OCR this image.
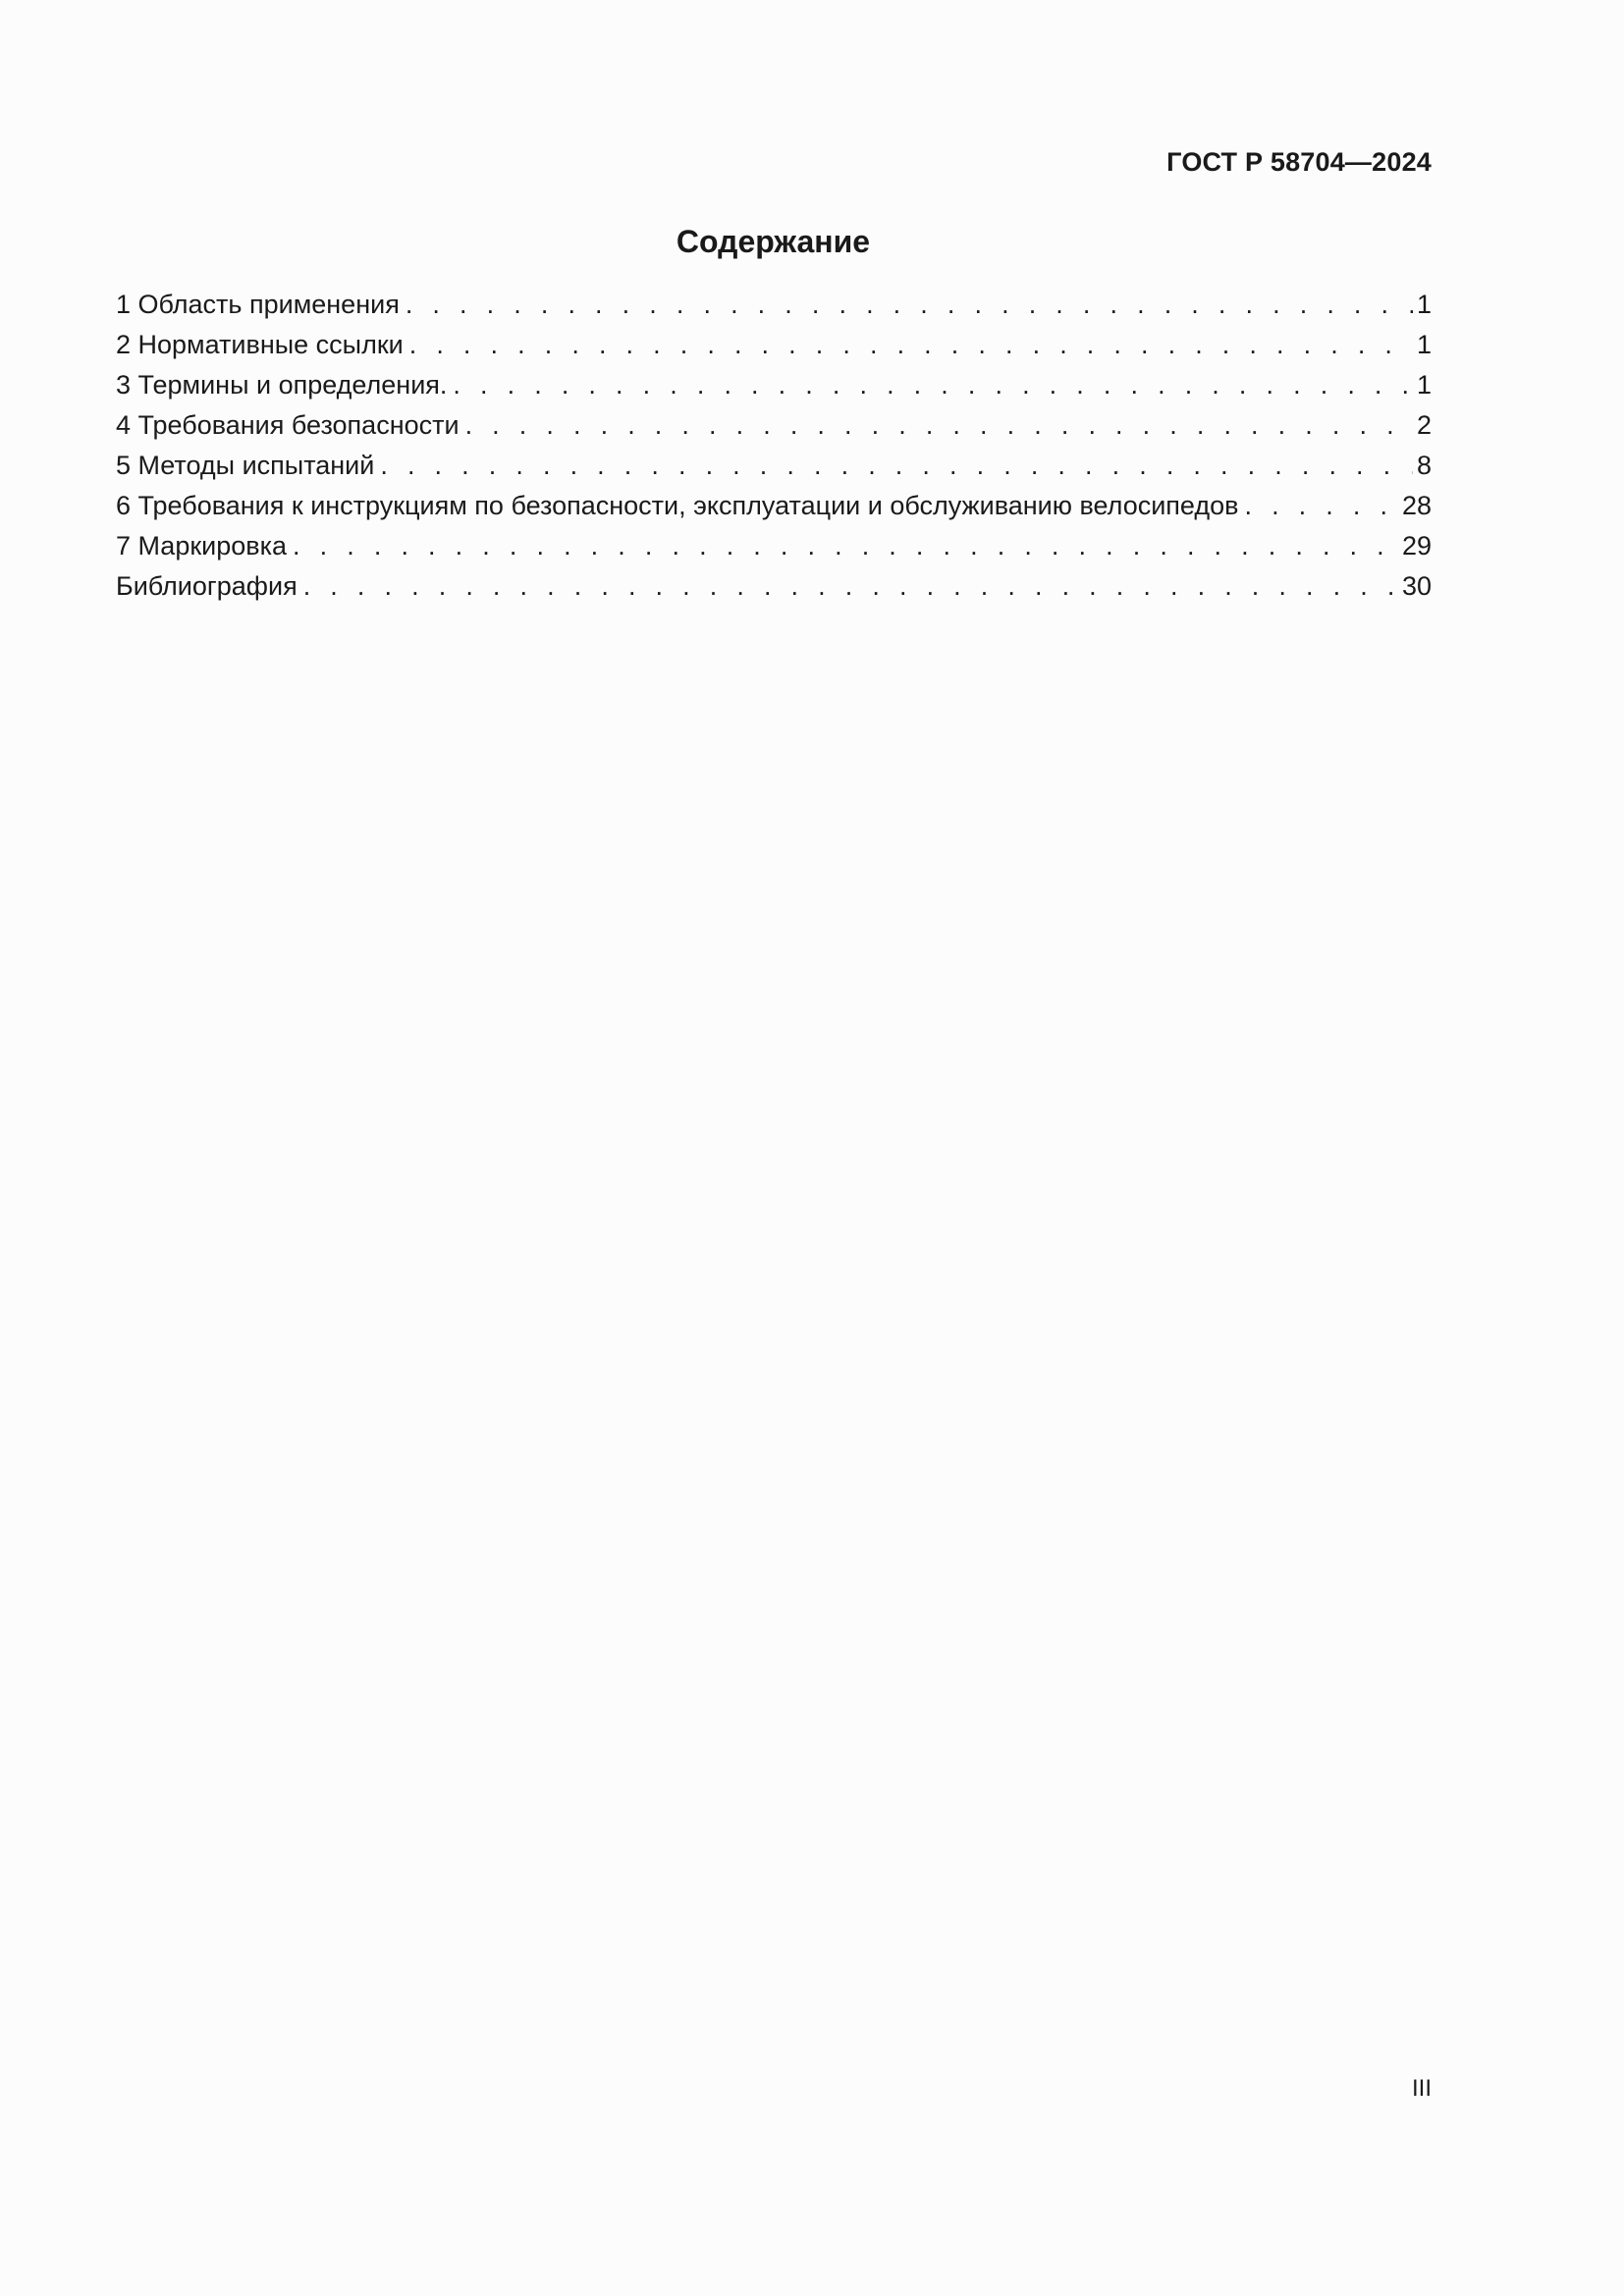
ГОСТ Р 58704—2024

Содержание
1 Область применения . . .	1
2 Нормативные ссылки . . .	1
3 Термины и определения. . . .	1
4 Требования безопасности . . .	2
5 Методы испытаний . . .	8
6 Требования к инструкциям по безопасности, эксплуатации и обслуживанию велосипедов . . .	28
7 Маркировка . . .	29
Библиография . . .	30

III
